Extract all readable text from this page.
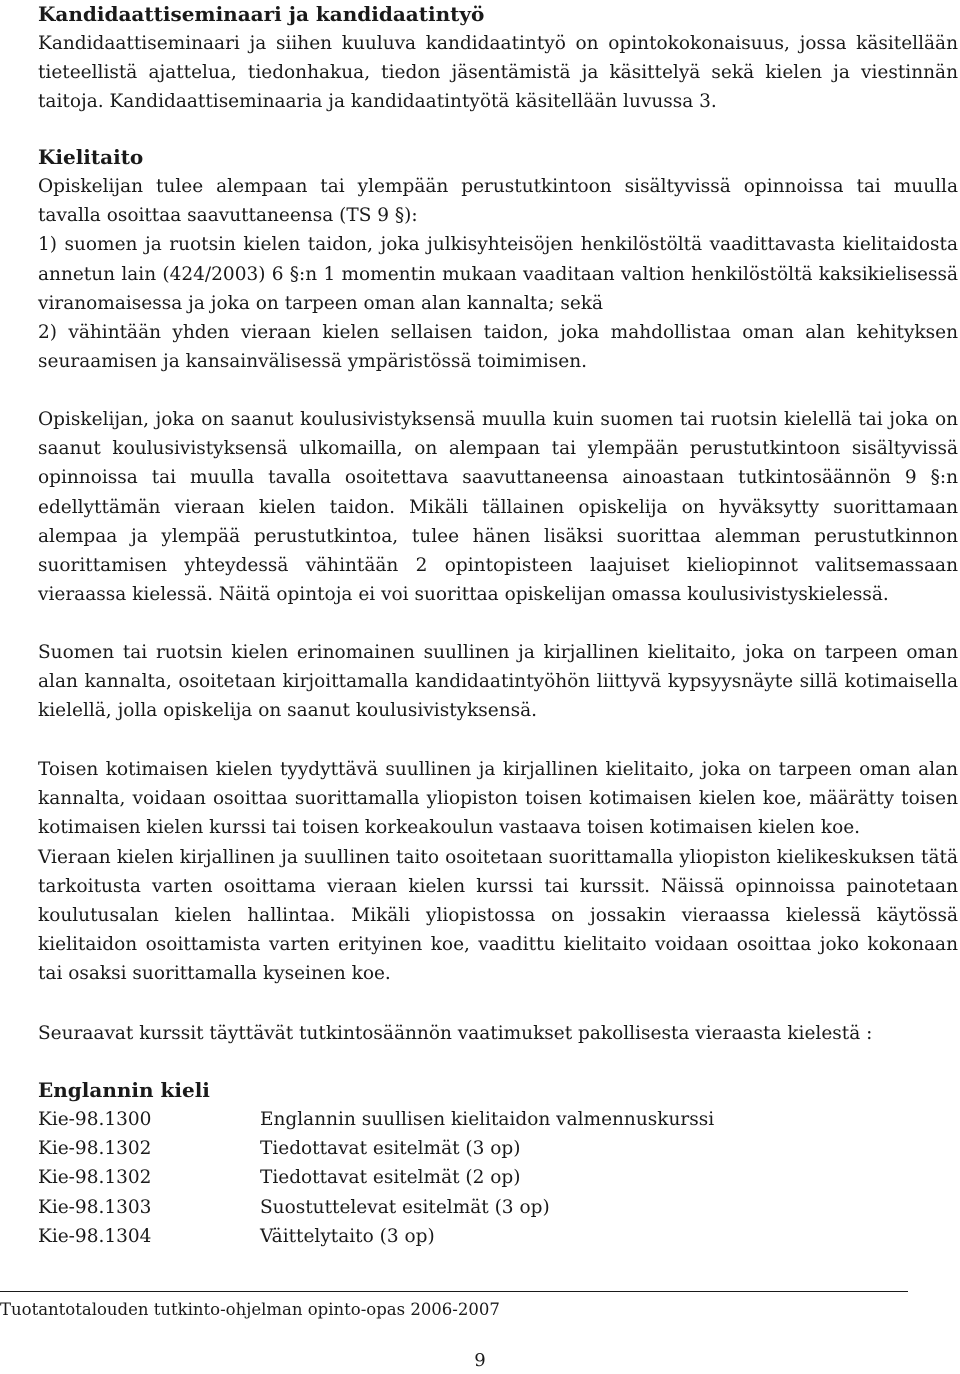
Kandidaattiseminaari ja kandidaatintyö

Kandidaattiseminaari ja siihen kuuluva kandidaatintyö on opintokokonaisuus, jossa käsitellään tieteellistä ajattelua, tiedonhakua, tiedon jäsentämistä ja käsittelyä sekä kielen ja viestinnän taitoja. Kandidaattiseminaaria ja kandidaatintyötä käsitellään luvussa 3.

Kielitaito

Opiskelijan tulee alempaan tai ylempään perustutkintoon sisältyvissä opinnoissa tai muulla tavalla osoittaa saavuttaneensa (TS 9 §):

1) suomen ja ruotsin kielen taidon, joka julkisyhteisöjen henkilöstöltä vaadittavasta kielitaidosta annetun lain (424/2003) 6 §:n 1 momentin mukaan vaaditaan valtion henkilöstöltä kaksikielisessä viranomaisessa ja joka on tarpeen oman alan kannalta; sekä

2) vähintään yhden vieraan kielen sellaisen taidon, joka mahdollistaa oman alan kehityksen seuraamisen ja kansainvälisessä ympäristössä toimimisen.

Opiskelijan, joka on saanut koulusivistyksensä muulla kuin suomen tai ruotsin kielellä tai joka on saanut koulusivistyksensä ulkomailla, on alempaan tai ylempään perustutkintoon sisältyvissä opinnoissa tai muulla tavalla osoitettava saavuttaneensa ainoastaan tutkintosäännön 9 §:n edellyttämän vieraan kielen taidon. Mikäli tällainen opiskelija on hyväksytty suorittamaan alempaa ja ylempää perustutkintoa, tulee hänen lisäksi suorittaa alemman perustutkinnon suorittamisen yhteydessä vähintään 2 opintopisteen laajuiset kieliopinnot valitsemassaan vieraassa kielessä. Näitä opintoja ei voi suorittaa opiskelijan omassa koulusivistyskielessä.

Suomen tai ruotsin kielen erinomainen suullinen ja kirjallinen kielitaito, joka on tarpeen oman alan kannalta, osoitetaan kirjoittamalla kandidaatintyöhön liittyvä kypsyysnäyte sillä kotimaisella kielellä, jolla opiskelija on saanut koulusivistyksensä.

Toisen kotimaisen kielen tyydyttävä suullinen ja kirjallinen kielitaito, joka on tarpeen oman alan kannalta, voidaan osoittaa suorittamalla yliopiston toisen kotimaisen kielen koe, määrätty toisen kotimaisen kielen kurssi tai toisen korkeakoulun vastaava toisen kotimaisen kielen koe.

Vieraan kielen kirjallinen ja suullinen taito osoitetaan suorittamalla yliopiston kielikeskuksen tätä tarkoitusta varten osoittama vieraan kielen kurssi tai kurssit. Näissä opinnoissa painotetaan koulutusalan kielen hallintaa. Mikäli yliopistossa on jossakin vieraassa kielessä käytössä kielitaidon osoittamista varten erityinen koe, vaadittu kielitaito voidaan osoittaa joko kokonaan tai osaksi suorittamalla kyseinen koe.

Seuraavat kurssit täyttävät tutkintosäännön vaatimukset pakollisesta vieraasta kielestä :

Englannin kieli

Kie-98.1300	Englannin suullisen kielitaidon valmennuskurssi
Kie-98.1302	Tiedottavat esitelmät (3 op)
Kie-98.1302	Tiedottavat esitelmät (2 op)
Kie-98.1303	Suostuttelevat esitelmät (3 op)
Kie-98.1304	Väittelytaito (3 op)
Tuotantotalouden tutkinto-ohjelman opinto-opas 2006-2007
9
